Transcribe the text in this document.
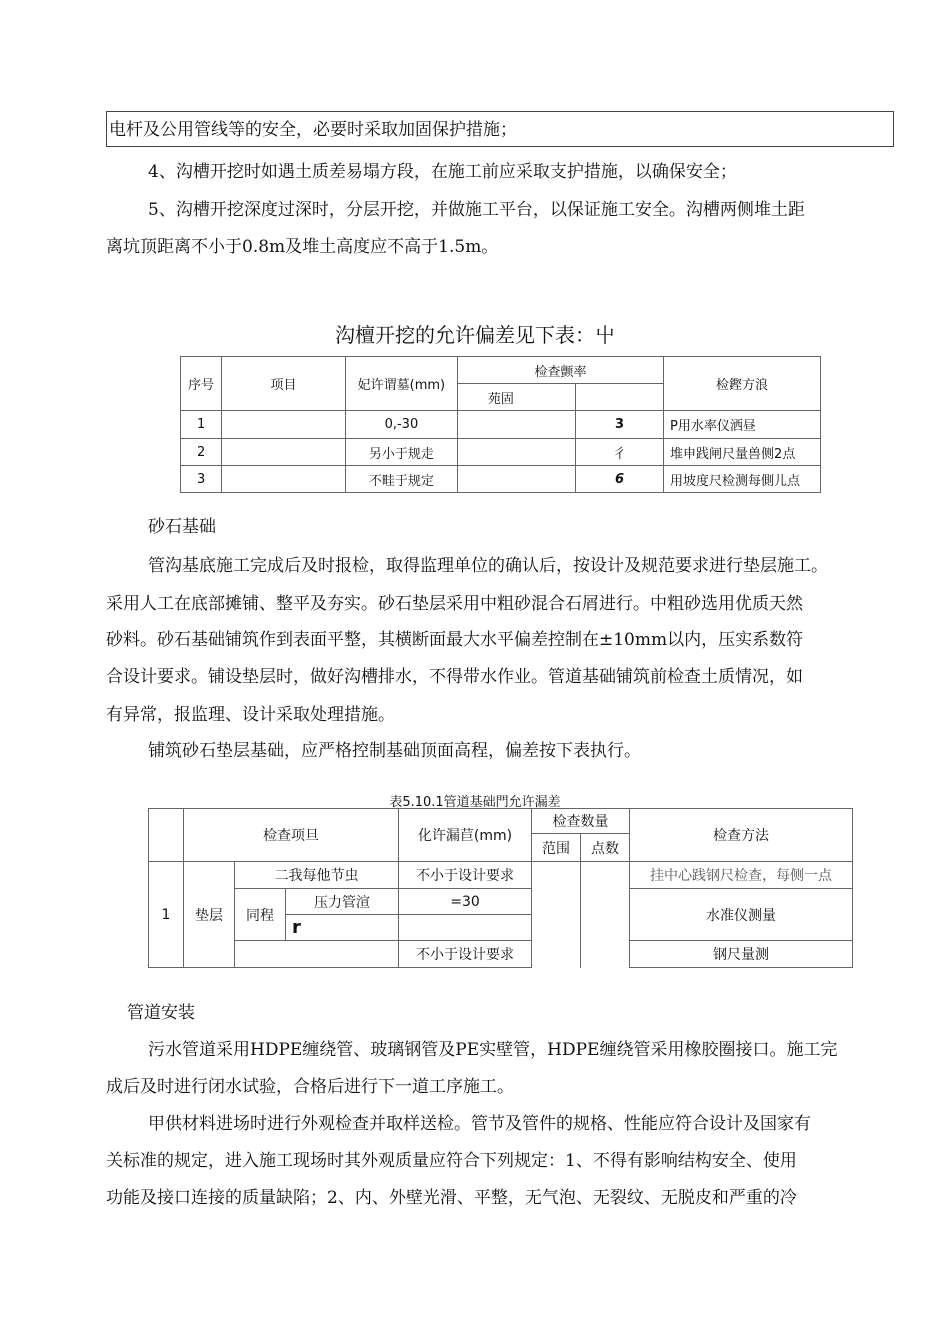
电杆及公用管线等的安全，必要时采取加固保护措施；
4、沟槽开挖时如遇土质差易塌方段，在施工前应采取支护措施，以确保安全；
5、沟槽开挖深度过深时，分层开挖，并做施工平台，以保证施工安全。沟槽两侧堆土距
离坑顶距离不小于0.8m及堆土高度应不高于1.5m。
沟檀开挖的允许偏差见下表：屮
序号	项目	妃许谓墓(mm)	检查颤率		检鏗方浪
			苑固		
1		0,-30		3	P用水率仪洒昼
2		另小于规走		彳	堆申践闸尺量兽侧2点
3		不畦于规定		6	用坡度尺检测每側儿点
砂石基础
管沟基底施工完成后及时报检，取得监理单位的确认后，按设计及规范要求进行垫层施工。
采用人工在底部摊铺、整平及夯实。砂石垫层采用中粗砂混合石屑进行。中粗砂选用优质天然
砂料。砂石基础铺筑作到表面平整，其横断面最大水平偏差控制在±10mm以内，压实系数符
合设计要求。铺设垫层时，做好沟槽排水，不得带水作业。管道基础铺筑前检查土质情况，如
有异常，报监理、设计采取处理措施。
铺筑砂石垫层基础，应严格控制基础顶面高程，偏差按下表执行。
表5.10.1管道基础門允许漏差
	检查项旦			化许漏苣(mm)	检查数量		检查方法
					范围	点数	
1	垫层	二我每他节虫		不小于设计要求			挂中心践钢尺检查，每侧一点
		同程	压力管渲	=30			水准仪测量
			r				
				不小于设计要求			钢尺量测
管道安装
污水管道采用HDPE缠绕管、玻璃钢管及PE实壁管，HDPE缠绕管采用橡胶圈接口。施工完
成后及时进行闭水试验，合格后进行下一道工序施工。
甲供材料进场时进行外观检查并取样送检。管节及管件的规格、性能应符合设计及国家有
关标准的规定，进入施工现场时其外观质量应符合下列规定：1、不得有影响结构安全、使用
功能及接口连接的质量缺陷；2、内、外壁光滑、平整，无气泡、无裂纹、无脱皮和严重的冷
